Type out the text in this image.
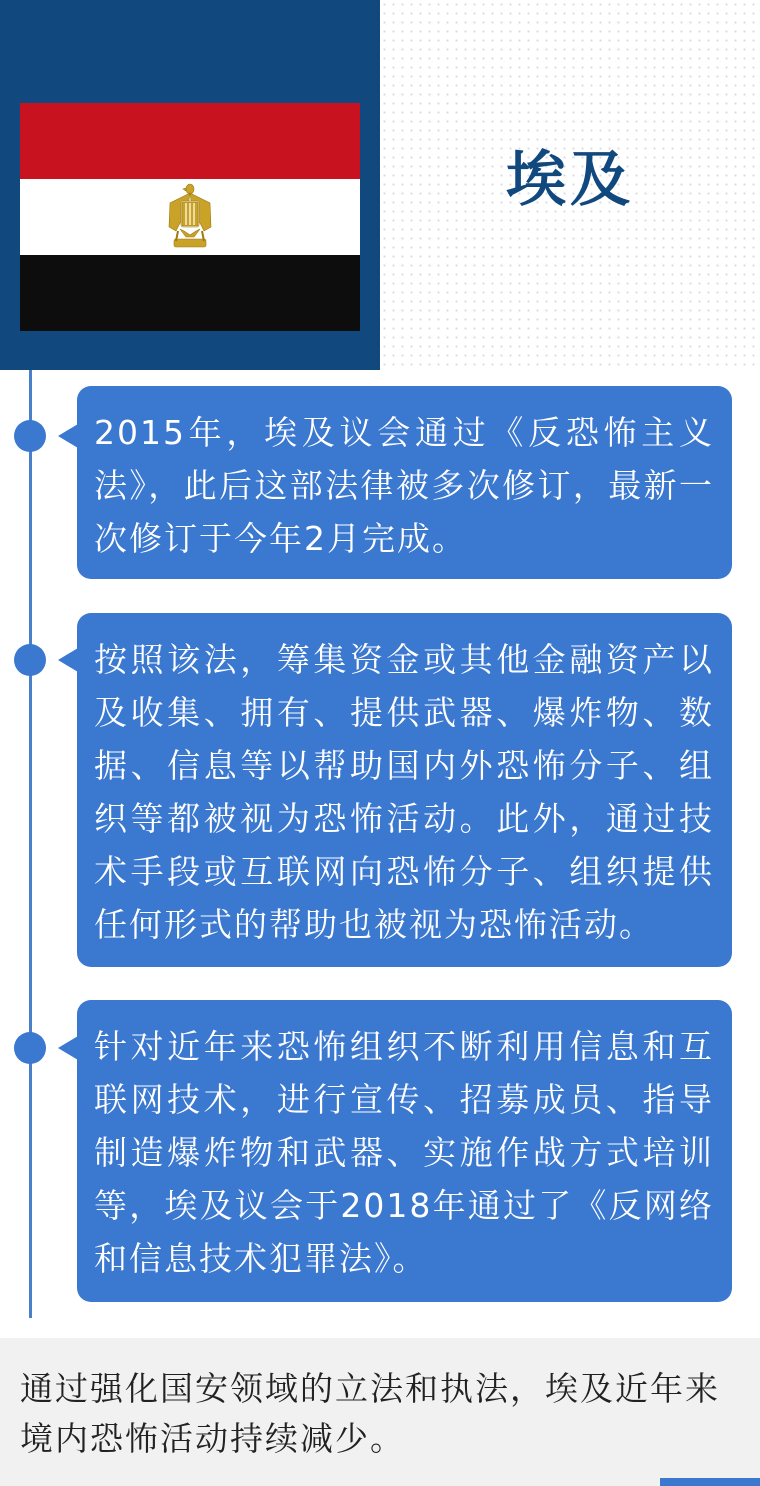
埃及
2015年，埃及议会通过《反恐怖主义法》，此后这部法律被多次修订，最新一次修订于今年2月完成。
按照该法，筹集资金或其他金融资产以及收集、拥有、提供武器、爆炸物、数据、信息等以帮助国内外恐怖分子、组织等都被视为恐怖活动。此外，通过技术手段或互联网向恐怖分子、组织提供任何形式的帮助也被视为恐怖活动。
针对近年来恐怖组织不断利用信息和互联网技术，进行宣传、招募成员、指导制造爆炸物和武器、实施作战方式培训等，埃及议会于2018年通过了《反网络和信息技术犯罪法》。
通过强化国安领域的立法和执法，埃及近年来境内恐怖活动持续减少。
